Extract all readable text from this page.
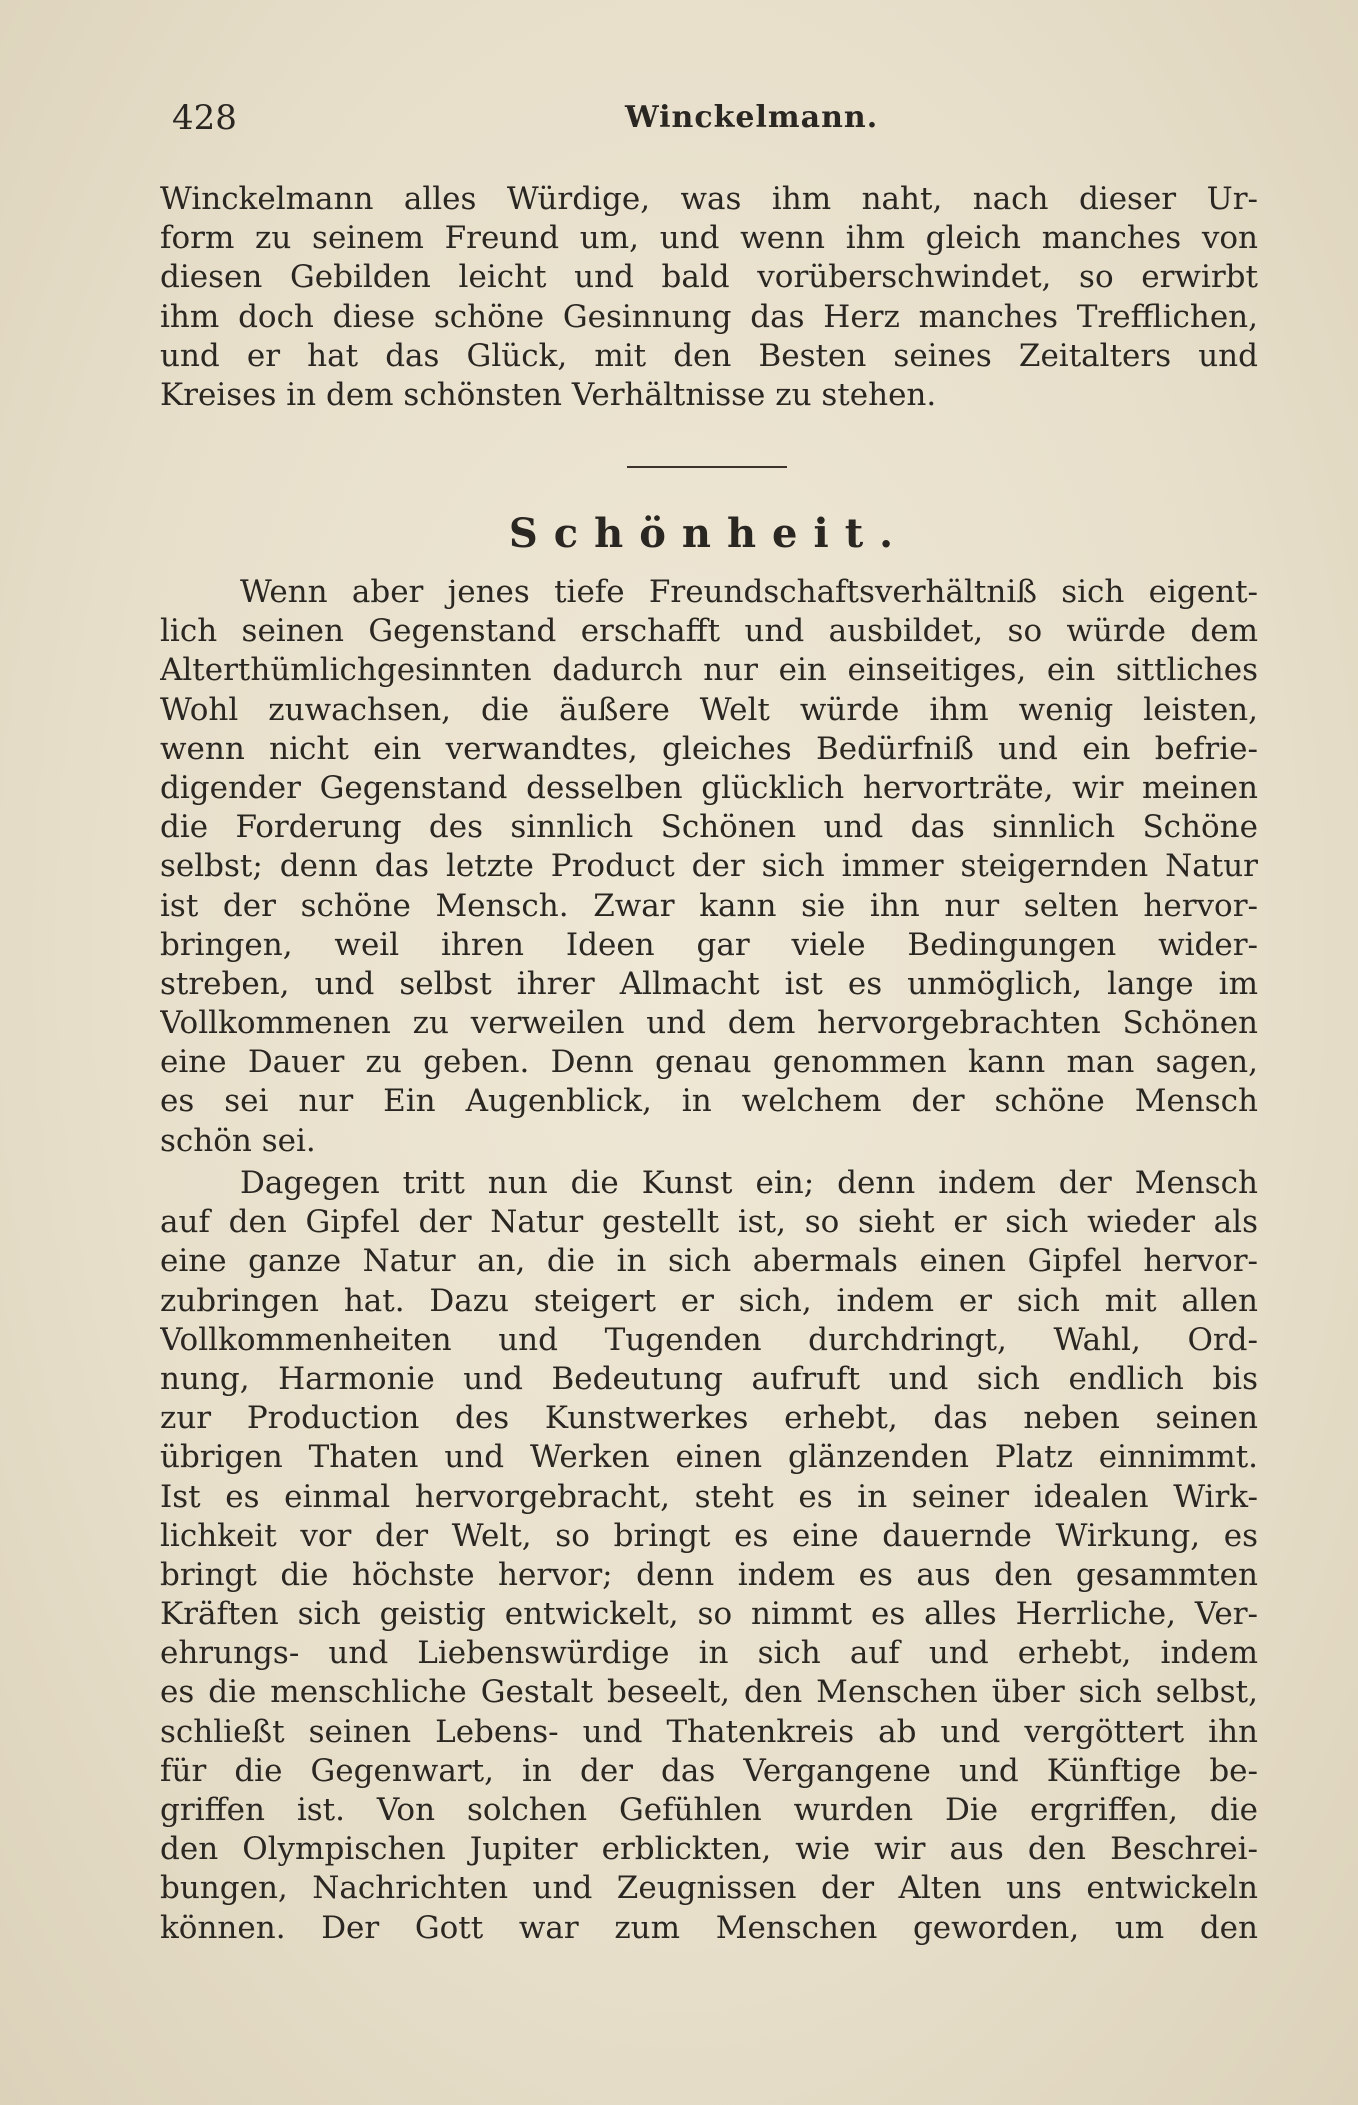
428	Winckelmann.
Winckelmann alles Würdige, was ihm naht, nach dieser Ur-
form zu seinem Freund um, und wenn ihm gleich manches von
diesen Gebilden leicht und bald vorüberschwindet, so erwirbt
ihm doch diese schöne Gesinnung das Herz manches Trefflichen,
und er hat das Glück, mit den Besten seines Zeitalters und
Kreises in dem schönsten Verhältnisse zu stehen.
Schönheit.
Wenn aber jenes tiefe Freundschaftsverhältniß sich eigent-
lich seinen Gegenstand erschafft und ausbildet, so würde dem
Alterthümlichgesinnten dadurch nur ein einseitiges, ein sittliches
Wohl zuwachsen, die äußere Welt würde ihm wenig leisten,
wenn nicht ein verwandtes, gleiches Bedürfniß und ein befrie-
digender Gegenstand desselben glücklich hervorträte, wir meinen
die Forderung des sinnlich Schönen und das sinnlich Schöne
selbst; denn das letzte Product der sich immer steigernden Natur
ist der schöne Mensch. Zwar kann sie ihn nur selten hervor-
bringen, weil ihren Ideen gar viele Bedingungen wider-
streben, und selbst ihrer Allmacht ist es unmöglich, lange im
Vollkommenen zu verweilen und dem hervorgebrachten Schönen
eine Dauer zu geben. Denn genau genommen kann man sagen,
es sei nur Ein Augenblick, in welchem der schöne Mensch
schön sei.
Dagegen tritt nun die Kunst ein; denn indem der Mensch
auf den Gipfel der Natur gestellt ist, so sieht er sich wieder als
eine ganze Natur an, die in sich abermals einen Gipfel hervor-
zubringen hat. Dazu steigert er sich, indem er sich mit allen
Vollkommenheiten und Tugenden durchdringt, Wahl, Ord-
nung, Harmonie und Bedeutung aufruft und sich endlich bis
zur Production des Kunstwerkes erhebt, das neben seinen
übrigen Thaten und Werken einen glänzenden Platz einnimmt.
Ist es einmal hervorgebracht, steht es in seiner idealen Wirk-
lichkeit vor der Welt, so bringt es eine dauernde Wirkung, es
bringt die höchste hervor; denn indem es aus den gesammten
Kräften sich geistig entwickelt, so nimmt es alles Herrliche, Ver-
ehrungs- und Liebenswürdige in sich auf und erhebt, indem
es die menschliche Gestalt beseelt, den Menschen über sich selbst,
schließt seinen Lebens- und Thatenkreis ab und vergöttert ihn
für die Gegenwart, in der das Vergangene und Künftige be-
griffen ist. Von solchen Gefühlen wurden Die ergriffen, die
den Olympischen Jupiter erblickten, wie wir aus den Beschrei-
bungen, Nachrichten und Zeugnissen der Alten uns entwickeln
können. Der Gott war zum Menschen geworden, um den
